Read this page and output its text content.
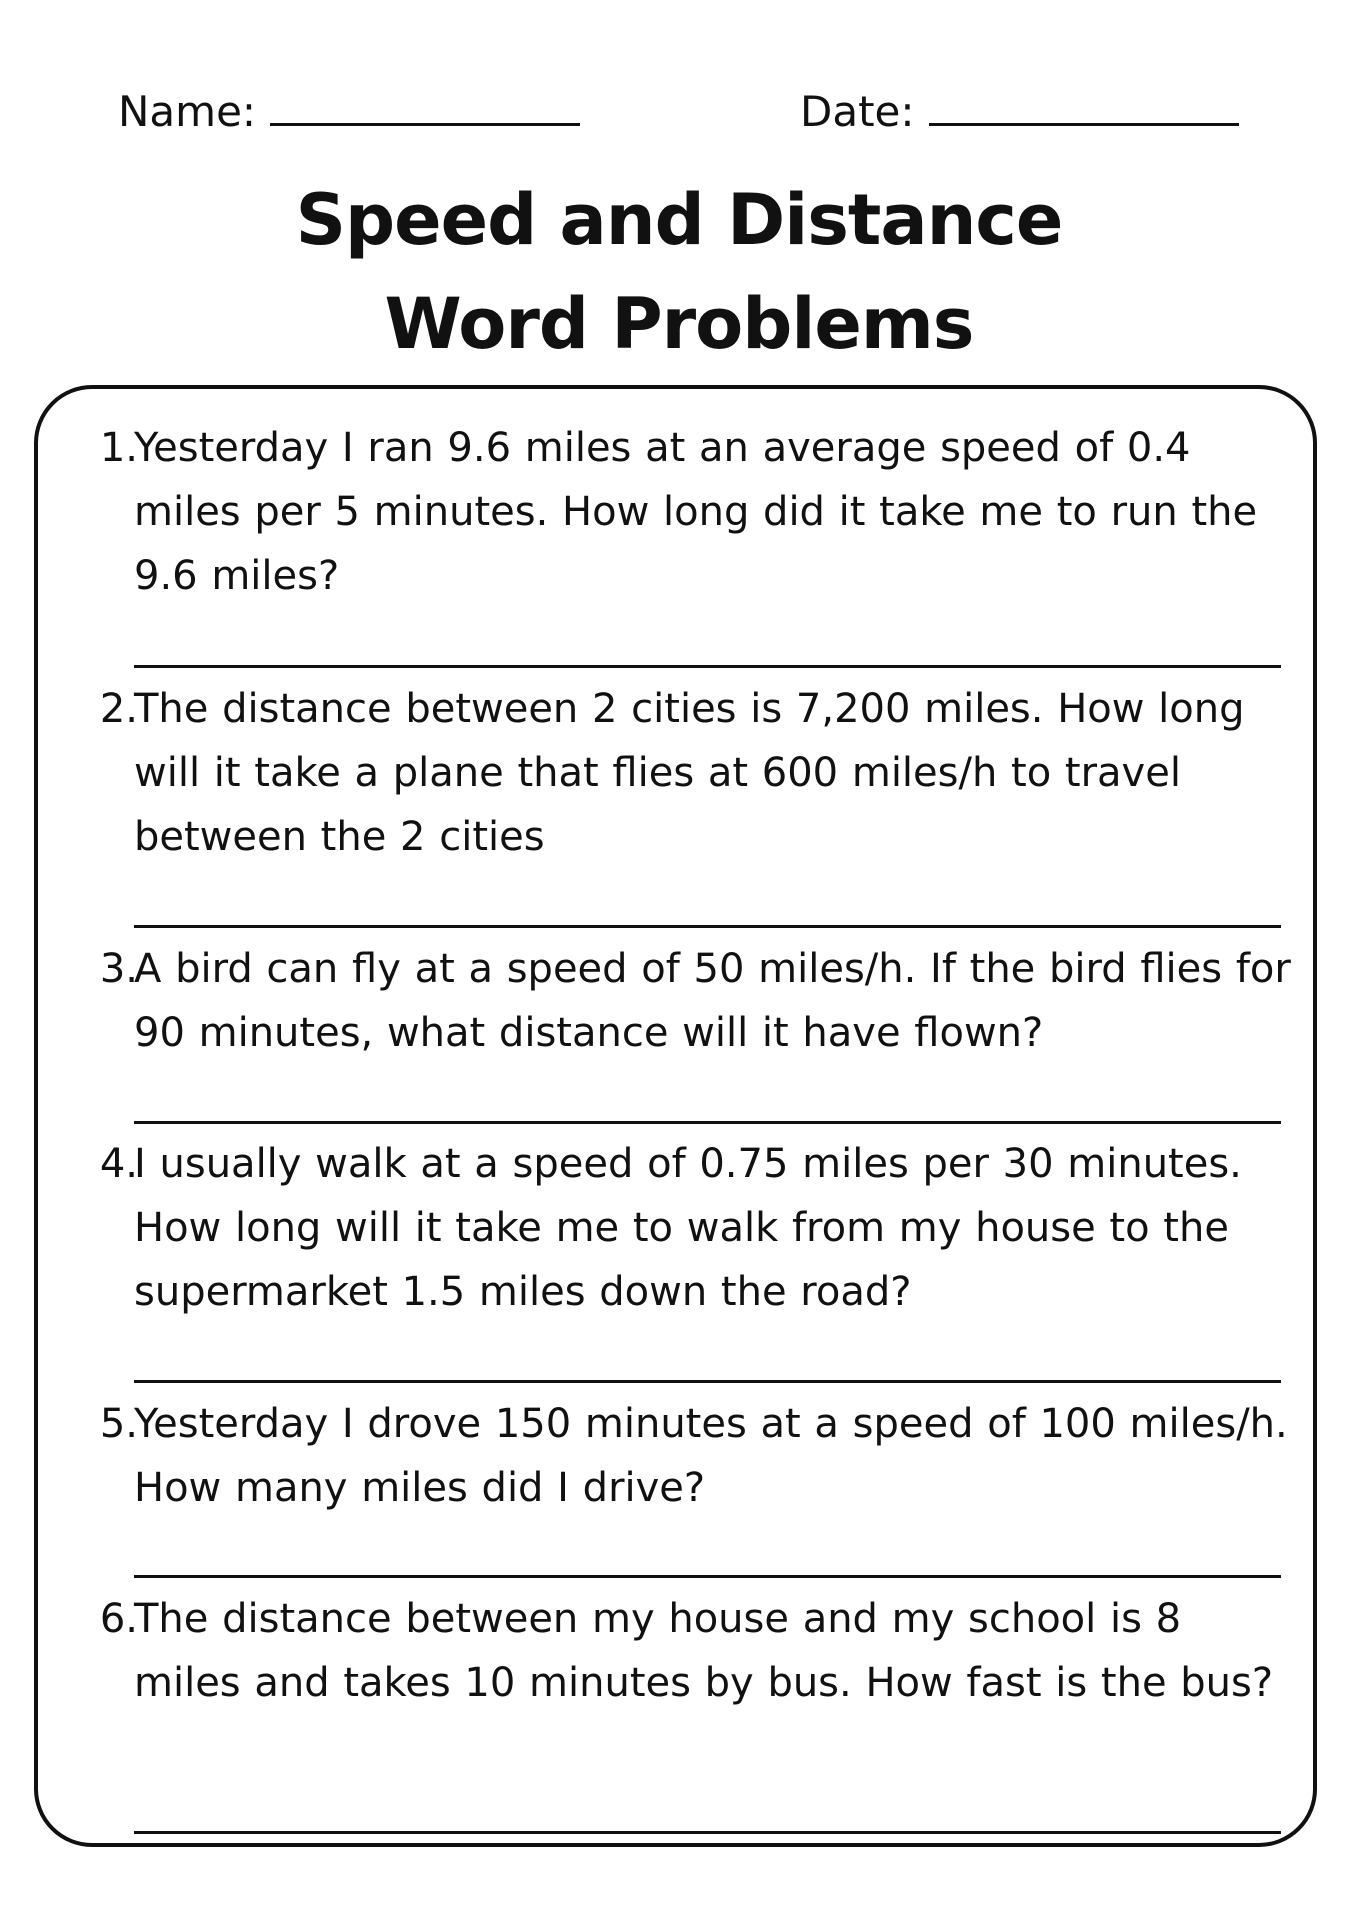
Name:	Date:
Speed and Distance
Word Problems
1.
Yesterday I ran 9.6 miles at an average speed of 0.4 miles per 5 minutes. How long did it take me to run the 9.6 miles?
2.
The distance between 2 cities is 7,200 miles. How long will it take a plane that flies at 600 miles/h to travel between the 2 cities
3.
A bird can fly at a speed of 50 miles/h. If the bird flies for 90 minutes, what distance will it have flown?
4.
I usually walk at a speed of 0.75 miles per 30 minutes. How long will it take me to walk from my house to the supermarket 1.5 miles down the road?
5.
Yesterday I drove 150 minutes at a speed of 100 miles/h. How many miles did I drive?
6.
The distance between my house and my school is 8 miles and takes 10 minutes by bus. How fast is the bus?
